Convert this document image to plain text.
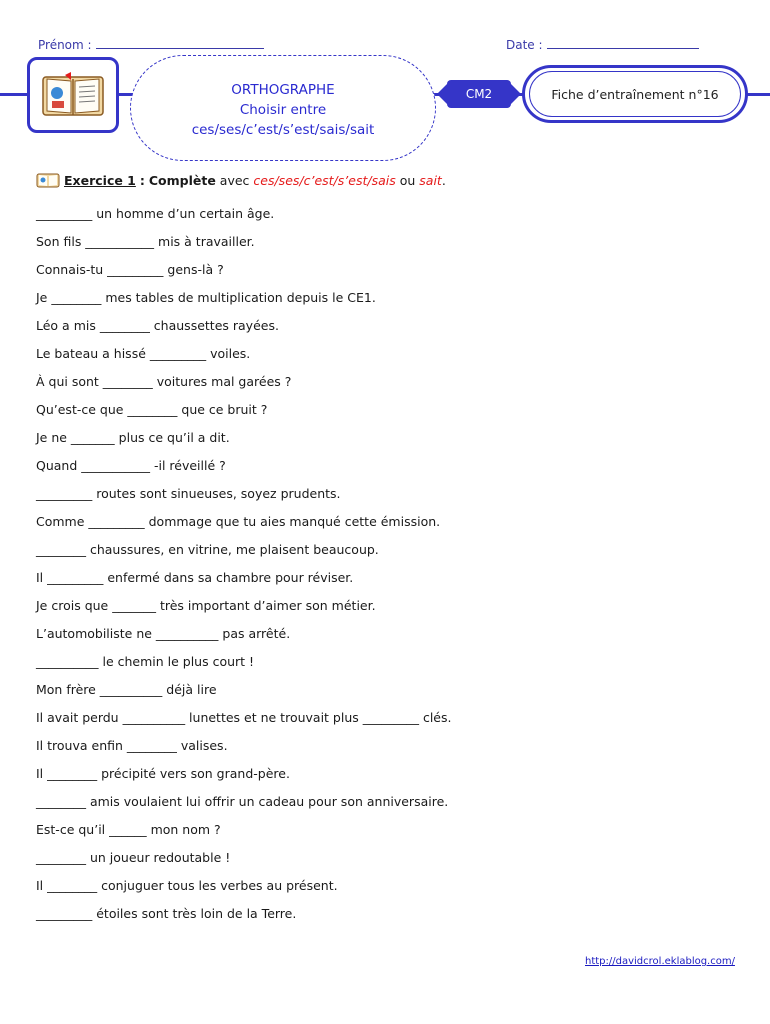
Prénom :	Date :
ORTHOGRAPHE
Choisir entre
ces/ses/c’est/s’est/sais/sait
CM2	Fiche d’entraînement n°16
Exercice 1
:
Complète
avec
ces/ses/c’est/s’est/sais
ou
sait .
_________ un homme d’un certain âge.
Son fils ___________ mis à travailler.
Connais-tu _________ gens-là ?
Je ________ mes tables de multiplication depuis le CE1.
Léo a mis ________ chaussettes rayées.
Le bateau a hissé _________ voiles.
À qui sont ________ voitures mal garées ?
Qu’est-ce que ________ que ce bruit ?
Je ne _______ plus ce qu’il a dit.
Quand ___________ -il réveillé ?
_________ routes sont sinueuses, soyez prudents.
Comme _________ dommage que tu aies manqué cette émission.
________ chaussures, en vitrine, me plaisent beaucoup.
Il _________ enfermé dans sa chambre pour réviser.
Je crois que _______ très important d’aimer son métier.
L’automobiliste ne __________ pas arrêté.
__________ le chemin le plus court !
Mon frère __________ déjà lire
Il avait perdu __________ lunettes et ne trouvait plus _________ clés.
Il trouva enfin ________ valises.
Il ________ précipité vers son grand-père.
________ amis voulaient lui offrir un cadeau pour son anniversaire.
Est-ce qu’il ______ mon nom ?
________ un joueur redoutable !
Il ________ conjuguer tous les verbes au présent.
_________ étoiles sont très loin de la Terre.
http://davidcrol.eklablog.com/
